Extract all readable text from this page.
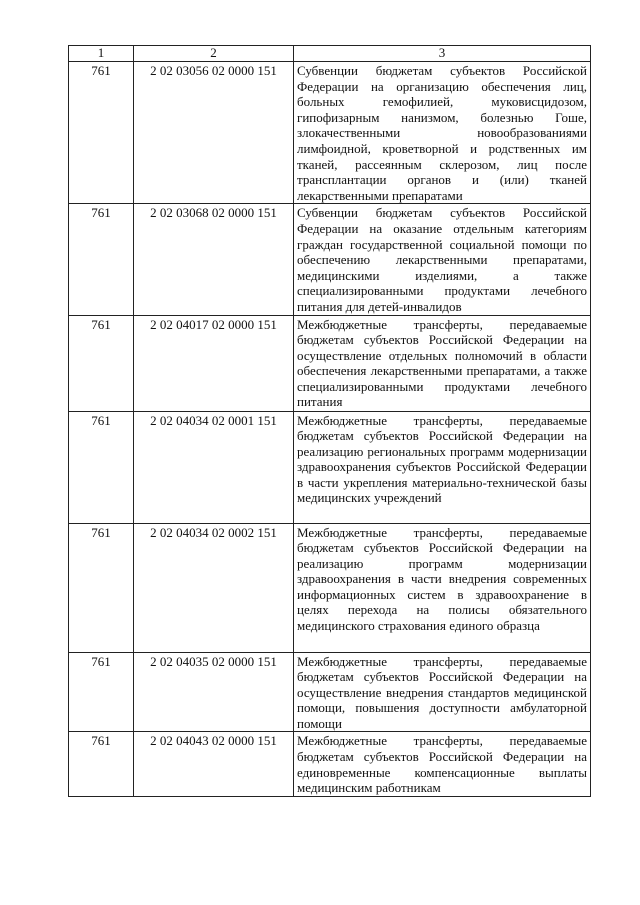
1	2	3
761	2 02 03056 02 0000 151	Субвенции бюджетам субъектов Российской Федерации на организацию обеспечения лиц, больных гемофилией, муковисцидозом, гипофизарным нанизмом, болезнью Гоше, злокачественными новообразованиями лимфоидной, кроветворной и родственных им тканей, рассеянным склерозом, лиц после трансплантации органов и (или) тканей лекарственными препаратами
761	2 02 03068 02 0000 151	Субвенции бюджетам субъектов Российской Федерации на оказание отдельным категориям граждан государственной социальной помощи по обеспечению лекарственными препаратами, медицинскими изделиями, а также специализированными продуктами лечебного питания для детей-инвалидов
761	2 02 04017 02 0000 151	Межбюджетные трансферты, передаваемые бюджетам субъектов Российской Федерации на осуществление отдельных полномочий в области обеспечения лекарственными препаратами, а также специализированными продуктами лечебного питания
761	2 02 04034 02 0001 151	Межбюджетные трансферты, передаваемые бюджетам субъектов Российской Федерации на реализацию региональных программ модернизации здравоохранения субъектов Российской Федерации в части укрепления материально-технической базы медицинских учреждений
761	2 02 04034 02 0002 151	Межбюджетные трансферты, передаваемые бюджетам субъектов Российской Федерации на реализацию программ модернизации здравоохранения в части внедрения современных информационных систем в здравоохранение в целях перехода на полисы обязательного медицинского страхования единого образца
761	2 02 04035 02 0000 151	Межбюджетные трансферты, передаваемые бюджетам субъектов Российской Федерации на осуществление внедрения стандартов медицинской помощи, повышения доступности амбулаторной помощи
761	2 02 04043 02 0000 151	Межбюджетные трансферты, передаваемые бюджетам субъектов Российской Федерации на единовременные компенсационные выплаты медицинским работникам
